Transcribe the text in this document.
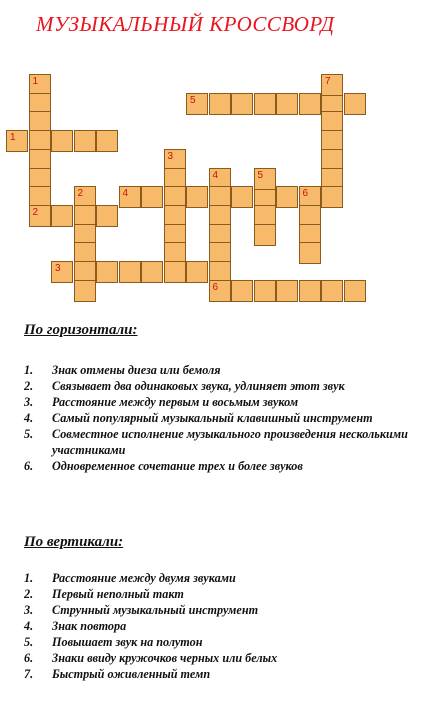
МУЗЫКАЛЬНЫЙ КРОССВОРД
1
2
1
2
3
3
4
4	6
5
5
7
6
По горизонтали:
1. Знак отмены диеза или бемоля
2. Связывает два одинаковых звука, удлиняет этот звук
3. Расстояние между первым и восьмым звуком
4. Самый популярный музыкальный клавишный инструмент
5. Совместное исполнение музыкального произведения несколькими участниками
6. Одновременное сочетание трех и более звуков
По вертикали:
1. Расстояние между двумя звуками
2. Первый неполный такт
3. Струнный музыкальный инструмент
4. Знак повтора
5. Повышает звук на полутон
6. Знаки ввиду кружочков черных или белых
7. Быстрый оживленный темп
